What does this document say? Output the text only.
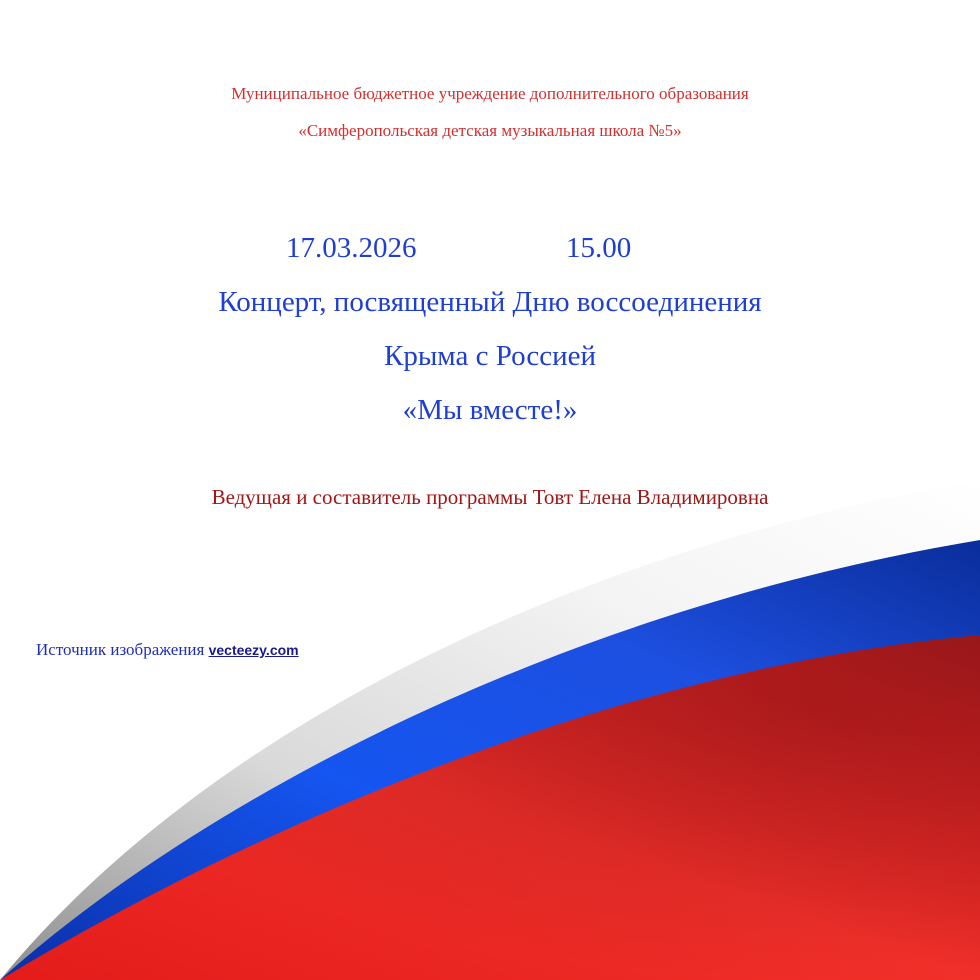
Муниципальное бюджетное учреждение дополнительного образования
«Симферопольская детская музыкальная школа №5»
17.03.2026	15.00
Концерт, посвященный Дню воссоединения
Крыма с Россией
«Мы вместе!»
Ведущая и составитель программы Товт Елена Владимировна
Источник изображения vecteezy.com
